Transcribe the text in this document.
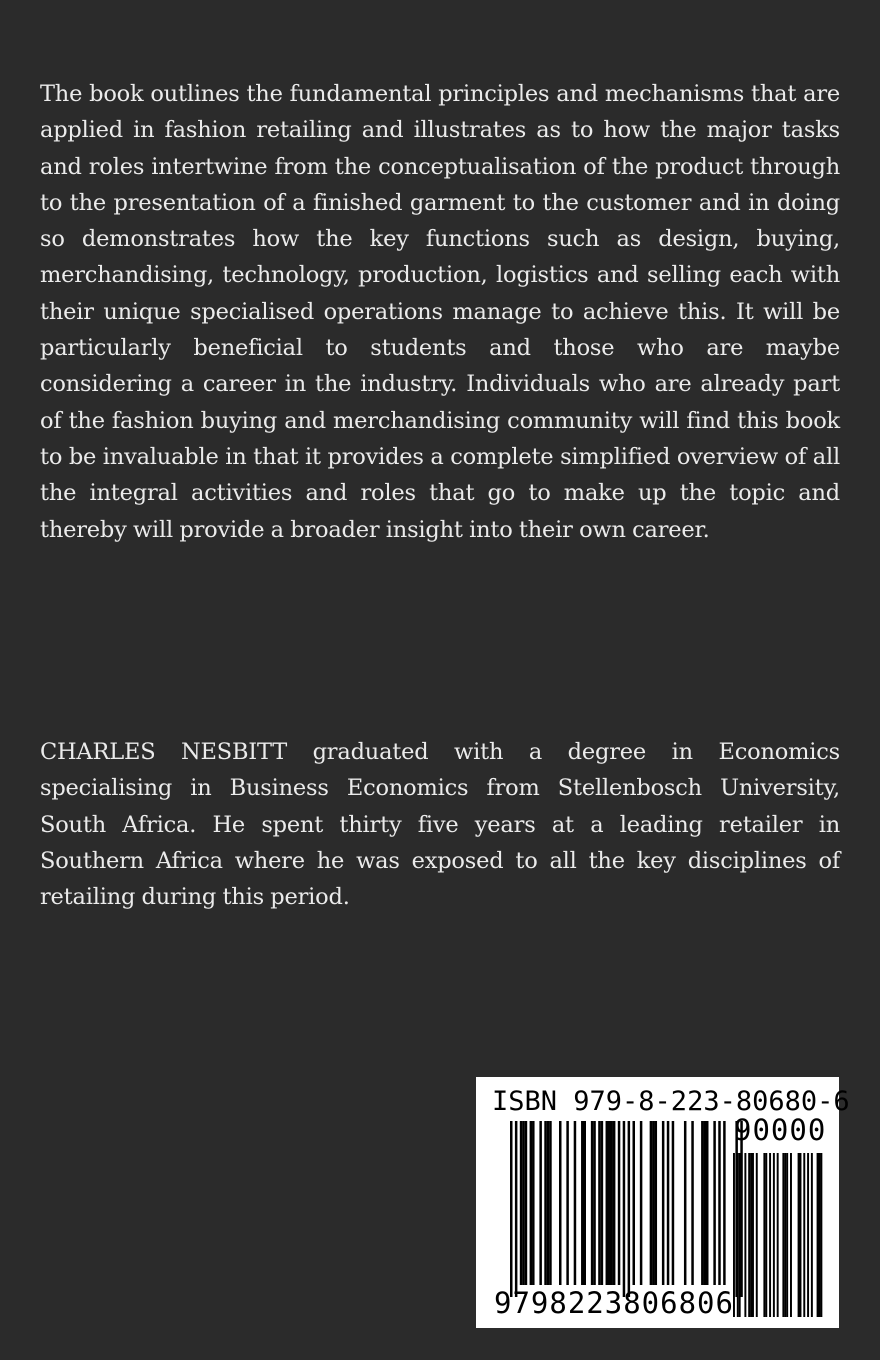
The book outlines the fundamental principles and mechanisms that are applied in fashion retailing and illustrates as to how the major tasks and roles intertwine from the conceptualisation of the product through to the presentation of a finished garment to the customer and in doing so demonstrates how the key functions such as design, buying, merchandising, technology, production, logistics and selling each with their unique specialised operations manage to achieve this. It will be particularly beneficial to students and those who are maybe considering a career in the industry. Individuals who are already part of the fashion buying and merchandising community will find this book to be invaluable in that it provides a complete simplified overview of all the integral activities and roles that go to make up the topic and thereby will provide a broader insight into their own career.

CHARLES NESBITT graduated with a degree in Economics specialising in Business Economics from Stellenbosch University, South Africa. He spent thirty five years at a leading retailer in Southern Africa where he was exposed to all the key disciplines of retailing during this period.

ISBN 979-8-223-80680-6
90000
9798223806806
